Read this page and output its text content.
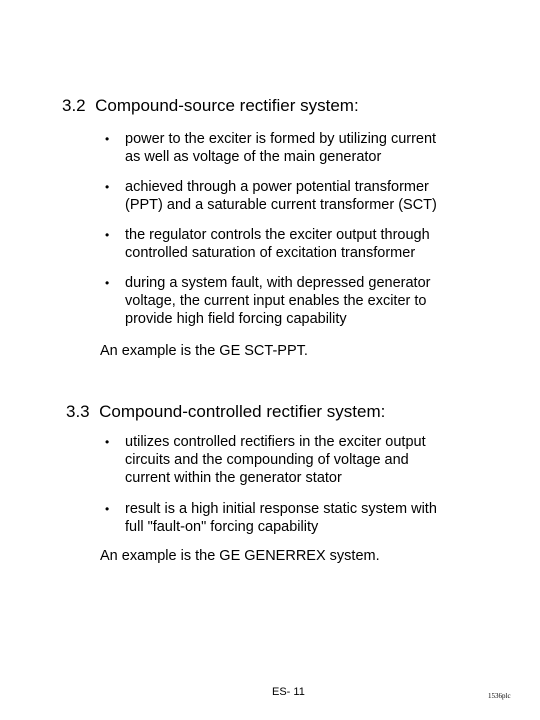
3.2 Compound-source rectifier system:
• power to the exciter is formed by utilizing current
as well as voltage of the main generator
• achieved through a power potential transformer
(PPT) and a saturable current transformer (SCT)
• the regulator controls the exciter output through
controlled saturation of excitation transformer
• during a system fault, with depressed generator
voltage, the current input enables the exciter to
provide high field forcing capability
An example is the GE SCT-PPT.
3.3 Compound-controlled rectifier system:
• utilizes controlled rectifiers in the exciter output
circuits and the compounding of voltage and
current within the generator stator
• result is a high initial response static system with
full "fault-on" forcing capability
An example is the GE GENERREX system.
ES- 11	1536plc
